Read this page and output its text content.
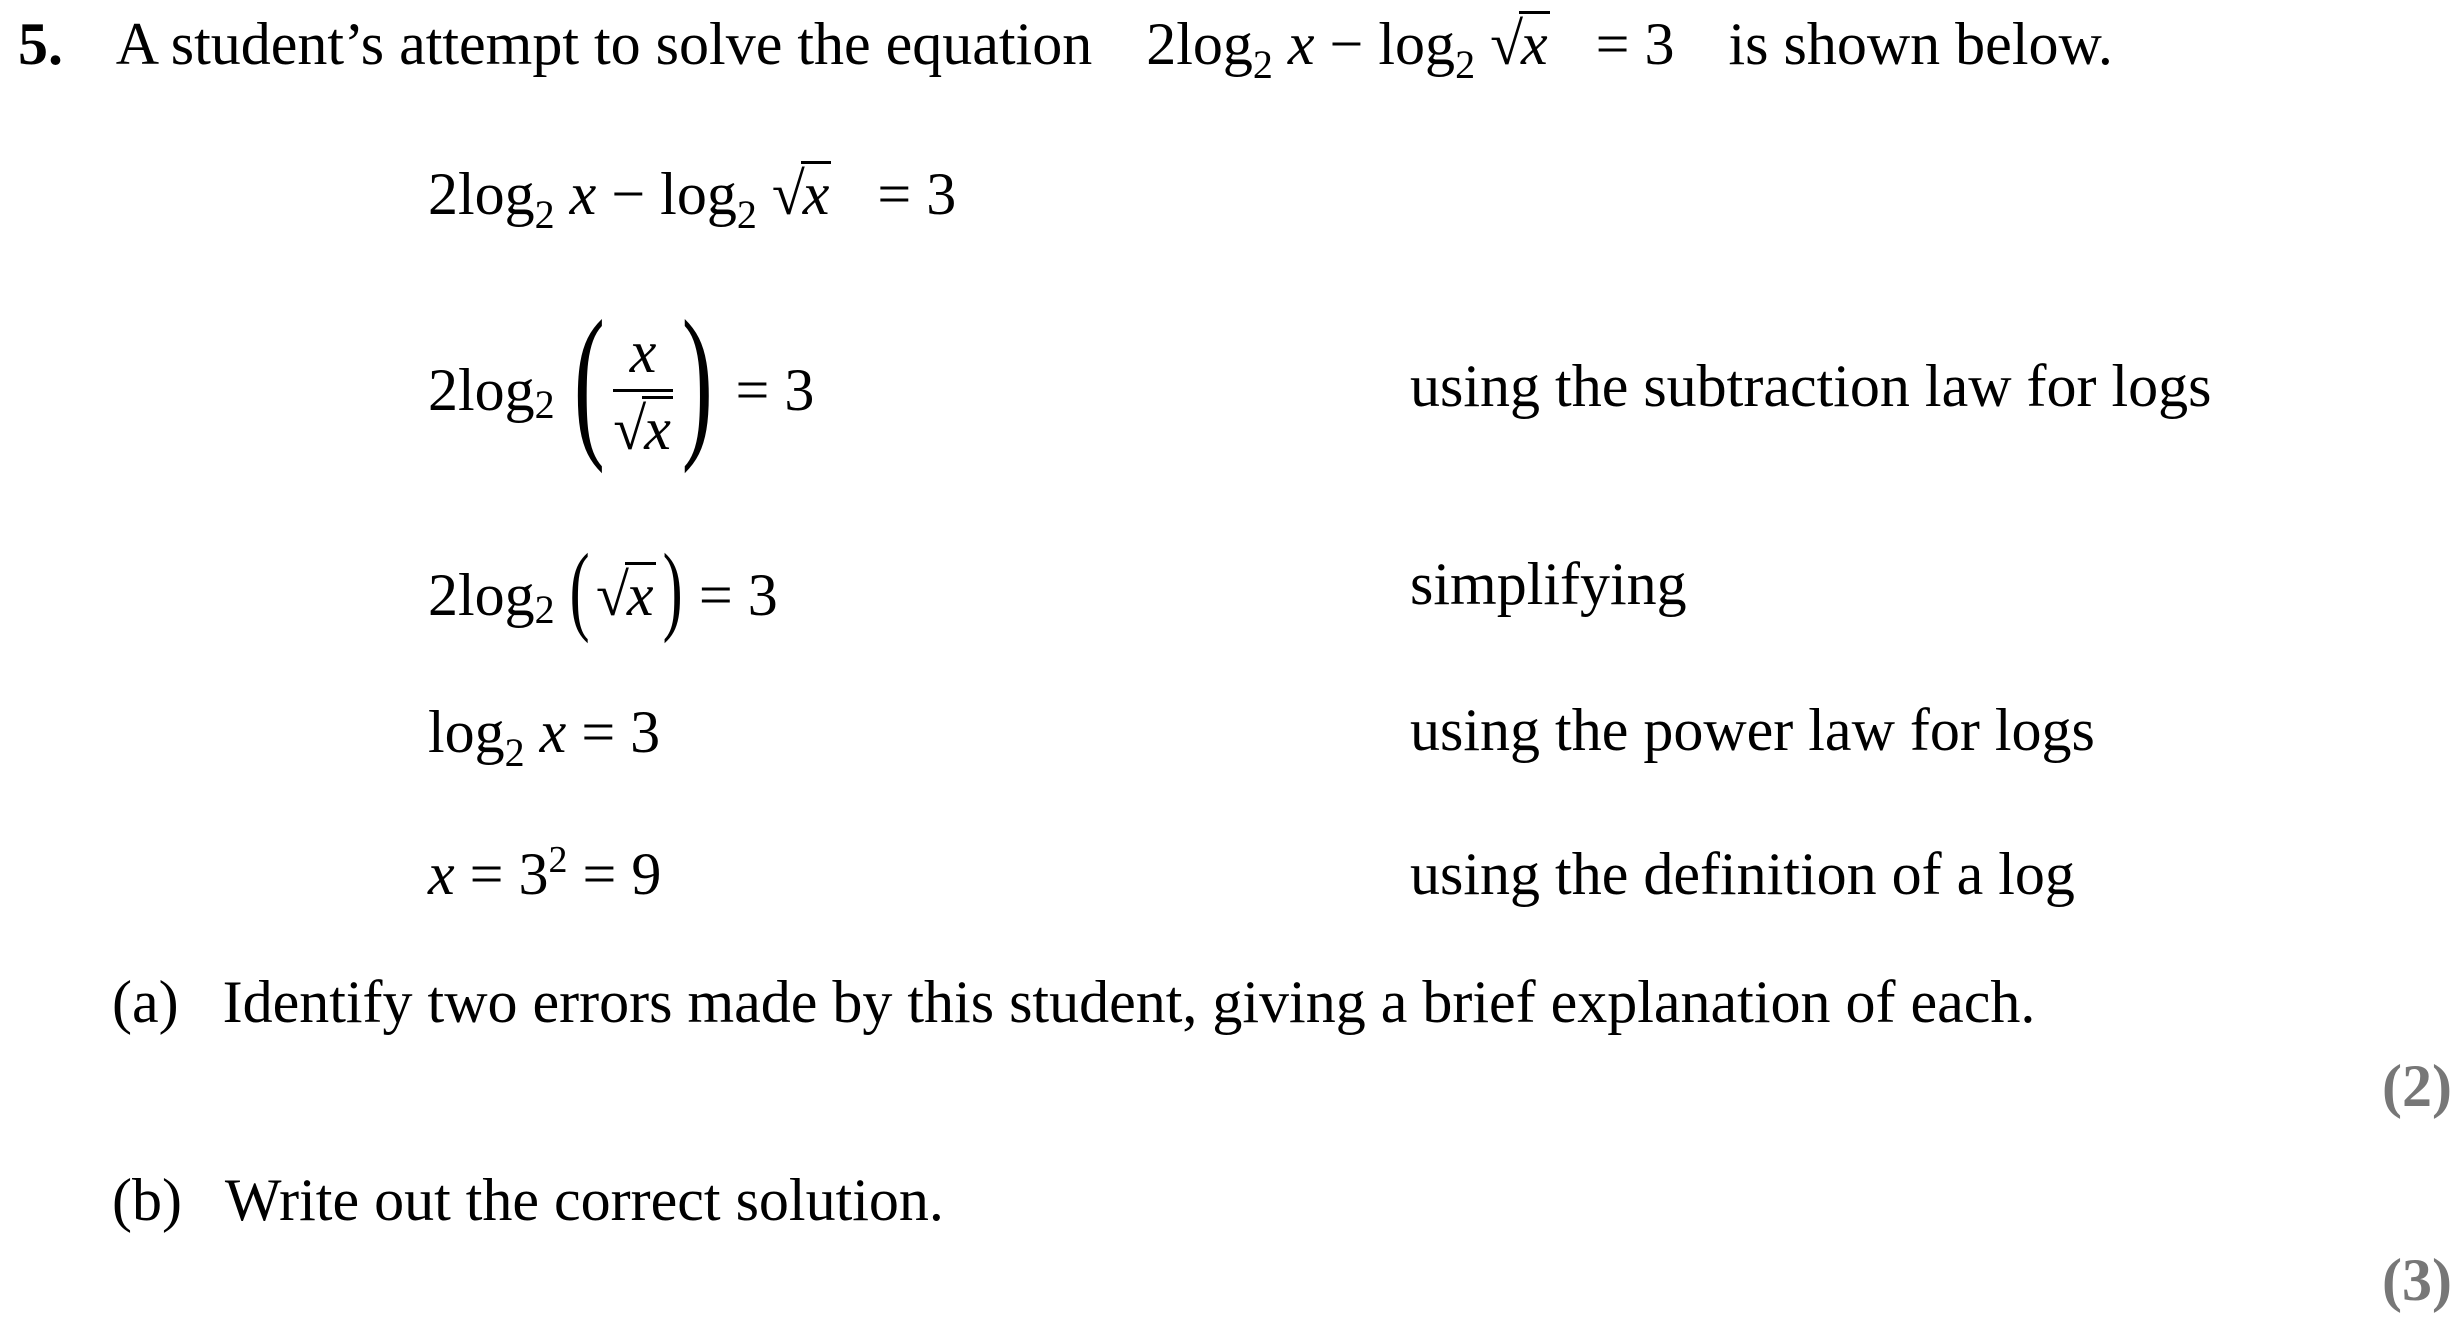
5. A student’s attempt to solve the equation $2\log_2$ $x - \log_2 √x = 3$ is shown below.
$2\log_2$ $x - \log_2 √x = 3$
2 log 2 ( $\frac{x}{√x}$ ) = 3	using the subtraction law for logs
2 log 2 ( √x ) = 3	simplifying
$\log_2 x = 3$	using the power law for logs
$x = 3^2 = 9$	using the definition of a log
(a) Identify two errors made by this student, giving a brief explanation of each.
(2)
(b) Write out the correct solution.
(3)
